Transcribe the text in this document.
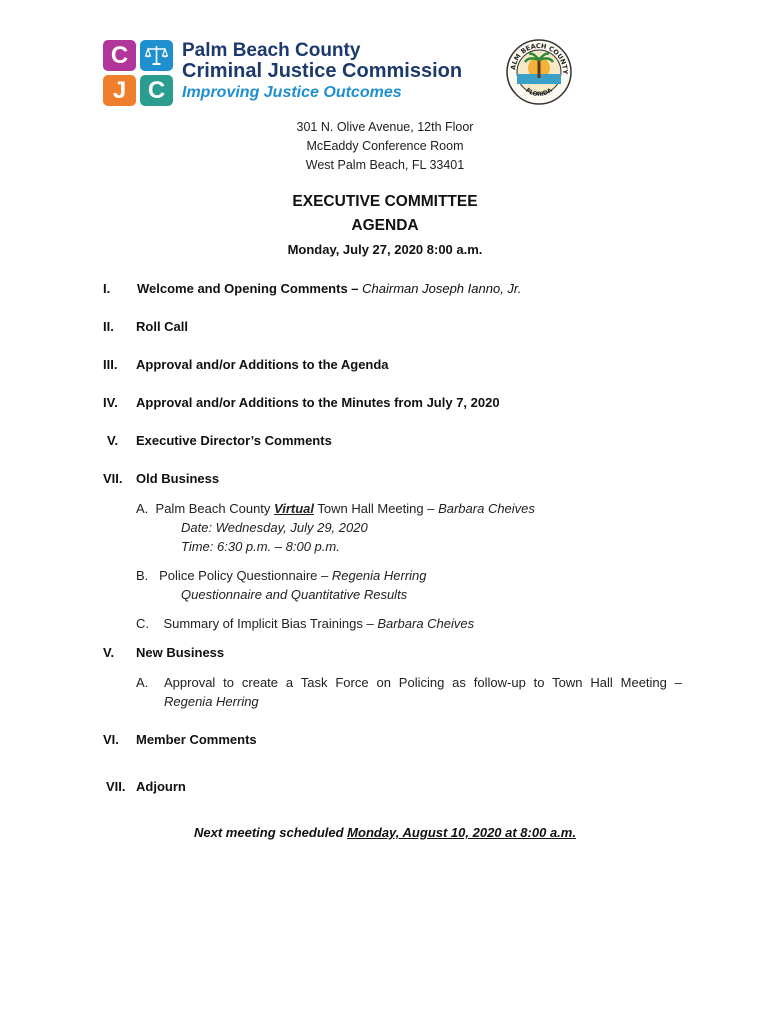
C
J C
Palm Beach County
Criminal Justice Commission
Improving Justice Outcomes
ALM BEACH COUNTY
FLORIDA
301 N. Olive Avenue, 12th Floor
McEaddy Conference Room
West Palm Beach, FL 33401
EXECUTIVE COMMITTEE
AGENDA
Monday, July 27, 2020 8:00 a.m.
I. Welcome and Opening Comments – Chairman Joseph Ianno, Jr.
II. Roll Call
III. Approval and/or Additions to the Agenda
IV. Approval and/or Additions to the Minutes from July 7, 2020
V. Executive Director’s Comments
VII. Old Business
A. Palm Beach County Virtual Town Hall Meeting – Barbara Cheives
Date: Wednesday, July 29, 2020
Time: 6:30 p.m. – 8:00 p.m.
B. Police Policy Questionnaire – Regenia Herring
Questionnaire and Quantitative Results
C. Summary of Implicit Bias Trainings – Barbara Cheives
V. New Business
A. Approval to create a Task Force on Policing as follow-up to Town Hall Meeting –
Regenia Herring
VI. Member Comments
VII. Adjourn
Next meeting scheduled Monday, August 10, 2020 at 8:00 a.m.
